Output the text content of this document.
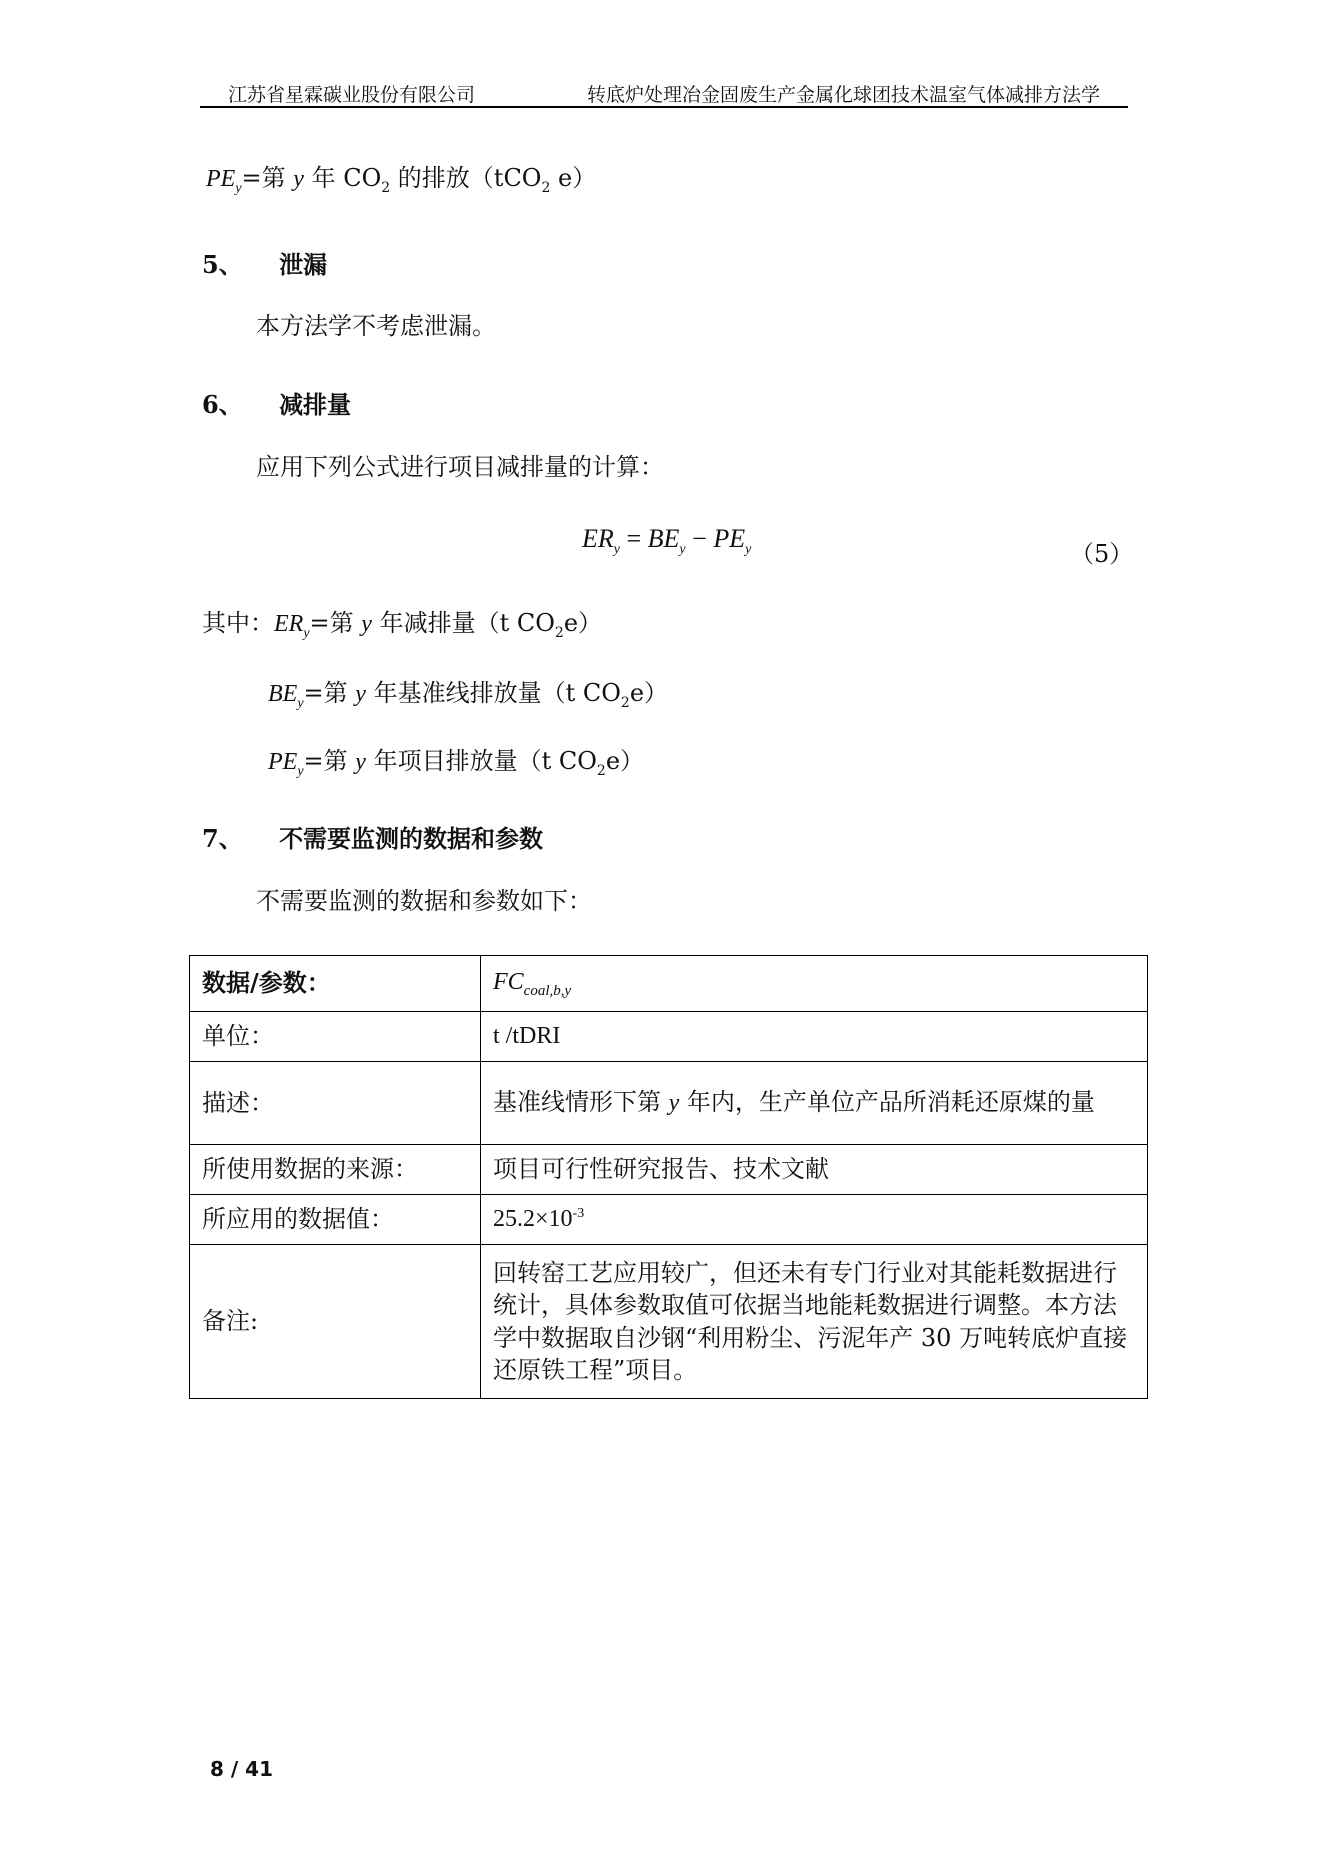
江苏省星霖碳业股份有限公司	转底炉处理冶金固废生产金属化球团技术温室气体减排方法学
$PE_y=$第 y 年 $CO_2$ 的排放（tCO$_2$ e）
5、 泄漏
本方法学不考虑泄漏。
6、 减排量
应用下列公式进行项目减排量的计算：
$ER_y = BE_y - PE_y$	（5）
其中：$ER_y=$第 y 年减排量（t $CO_2e$）
$BE_y=$第 y 年基准线排放量（t $CO_2e$）
$PE_y=$第 y 年项目排放量（t $CO_2e$）
7、 不需要监测的数据和参数
不需要监测的数据和参数如下：
数据/参数：	$FC_{coal,b,y}$
单位：	t /tDRI
描述：	基准线情形下第 y 年内，生产单位产品所消耗还原煤的量
所使用数据的来源：	项目可行性研究报告、技术文献
所应用的数据值：	$25.2\times 10^{-3}$
备注:	回转窑工艺应用较广，但还未有专门行业对其能耗数据进行统计，具体参数取值可依据当地能耗数据进行调整。本方法学中数据取自沙钢“利用粉尘、污泥年产 30 万吨转底炉直接还原铁工程”项目。
8 / 41
